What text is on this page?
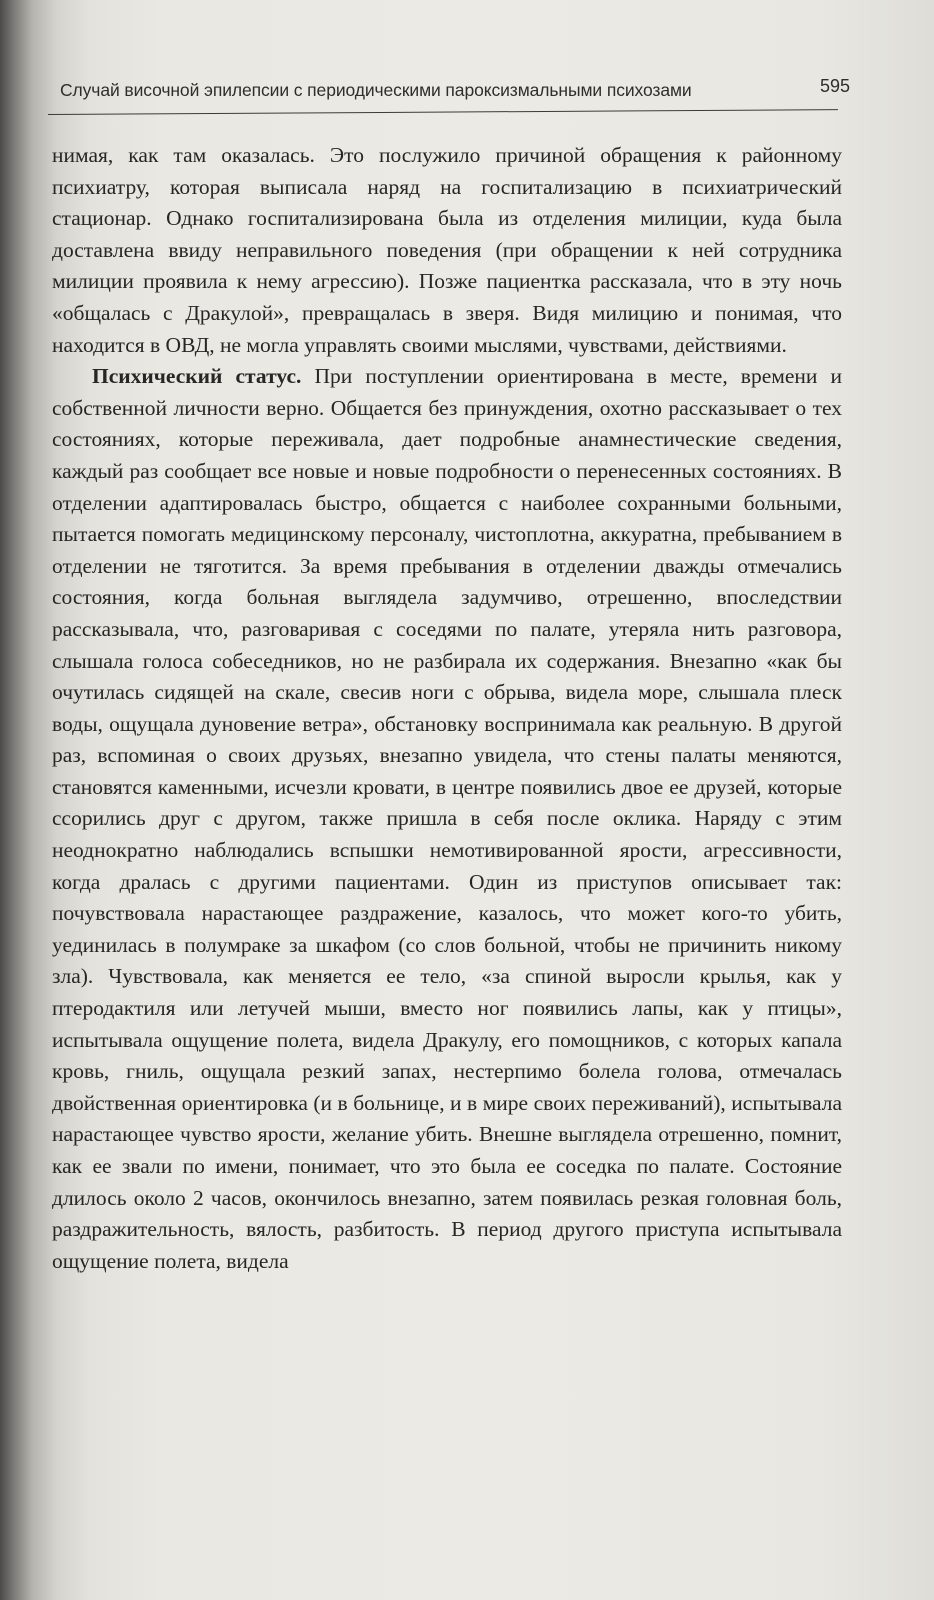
Случай височной эпилепсии с периодическими пароксизмальными психозами	595

нимая, как там оказалась. Это послужило причиной обращения к районному психиатру, которая выписала наряд на госпитализацию в психиатрический стационар. Однако госпитализирована была из отделения милиции, куда была доставлена ввиду неправильного поведения (при обращении к ней сотрудника милиции проявила к нему агрессию). Позже пациентка рассказала, что в эту ночь «общалась с Дракулой», превращалась в зверя. Видя милицию и понимая, что находится в ОВД, не могла управлять своими мыслями, чувствами, действиями.

Психический статус. При поступлении ориентирована в месте, времени и собственной личности верно. Общается без принуждения, охотно рассказывает о тех состояниях, которые переживала, дает подробные анамнестические сведения, каждый раз сообщает все новые и новые подробности о перенесенных состояниях. В отделении адаптировалась быстро, общается с наиболее сохранными больными, пытается помогать медицинскому персоналу, чистоплотна, аккуратна, пребыванием в отделении не тяготится. За время пребывания в отделении дважды отмечались состояния, когда больная выглядела задумчиво, отрешенно, впоследствии рассказывала, что, разговаривая с соседями по палате, утеряла нить разговора, слышала голоса собеседников, но не разбирала их содержания. Внезапно «как бы очутилась сидящей на скале, свесив ноги с обрыва, видела море, слышала плеск воды, ощущала дуновение ветра», обстановку воспринимала как реальную. В другой раз, вспоминая о своих друзьях, внезапно увидела, что стены палаты меняются, становятся каменными, исчезли кровати, в центре появились двое ее друзей, которые ссорились друг с другом, также пришла в себя после оклика. Наряду с этим неоднократно наблюдались вспышки немотивированной ярости, агрессивности, когда дралась с другими пациентами. Один из приступов описывает так: почувствовала нарастающее раздражение, казалось, что может кого-то убить, уединилась в полумраке за шкафом (со слов больной, чтобы не причинить никому зла). Чувствовала, как меняется ее тело, «за спиной выросли крылья, как у птеродактиля или летучей мыши, вместо ног появились лапы, как у птицы», испытывала ощущение полета, видела Дракулу, его помощников, с которых капала кровь, гниль, ощущала резкий запах, нестерпимо болела голова, отмечалась двойственная ориентировка (и в больнице, и в мире своих переживаний), испытывала нарастающее чувство ярости, желание убить. Внешне выглядела отрешенно, помнит, как ее звали по имени, понимает, что это была ее соседка по палате. Состояние длилось около 2 часов, окончилось внезапно, затем появилась резкая головная боль, раздражительность, вялость, разбитость. В период другого приступа испытывала ощущение полета, видела
